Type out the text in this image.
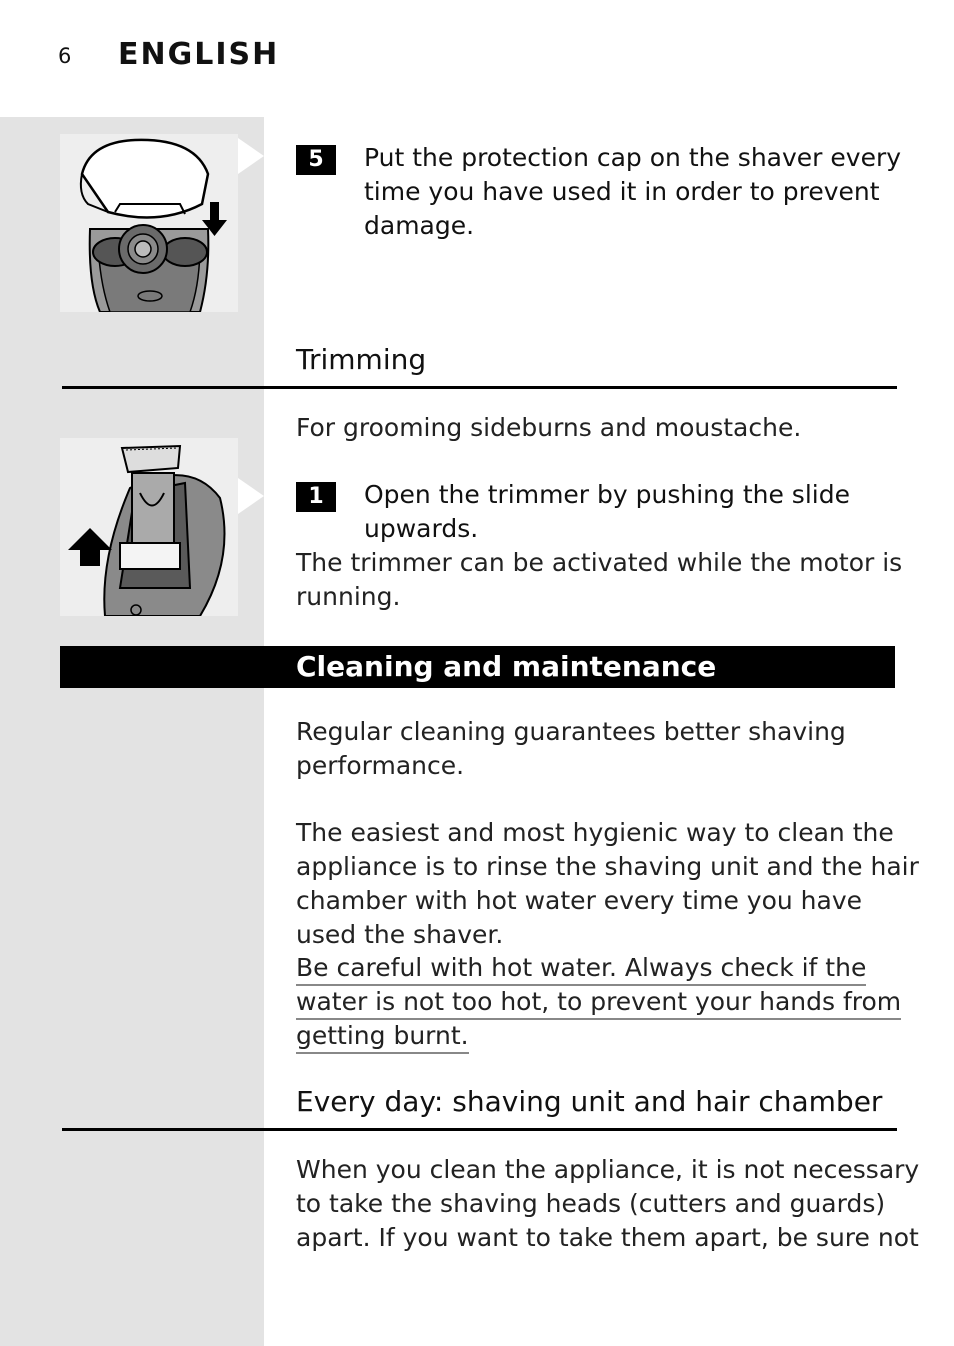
6 ENGLISH
5	Put the protection cap on the shaver every
time you have used it in order to prevent
damage.
Trimming
For grooming sideburns and moustache.
1	Open the trimmer by pushing the slide
upwards.
The trimmer can be activated while the motor is
running.
Cleaning and maintenance
Regular cleaning guarantees better shaving
performance.
The easiest and most hygienic way to clean the
appliance is to rinse the shaving unit and the hair
chamber with hot water every time you have
used the shaver.
Be careful with hot water. Always check if the
water is not too hot, to prevent your hands from
getting burnt.
Every day: shaving unit and hair chamber
When you clean the appliance, it is not necessary
to take the shaving heads (cutters and guards)
apart. If you want to take them apart, be sure not
